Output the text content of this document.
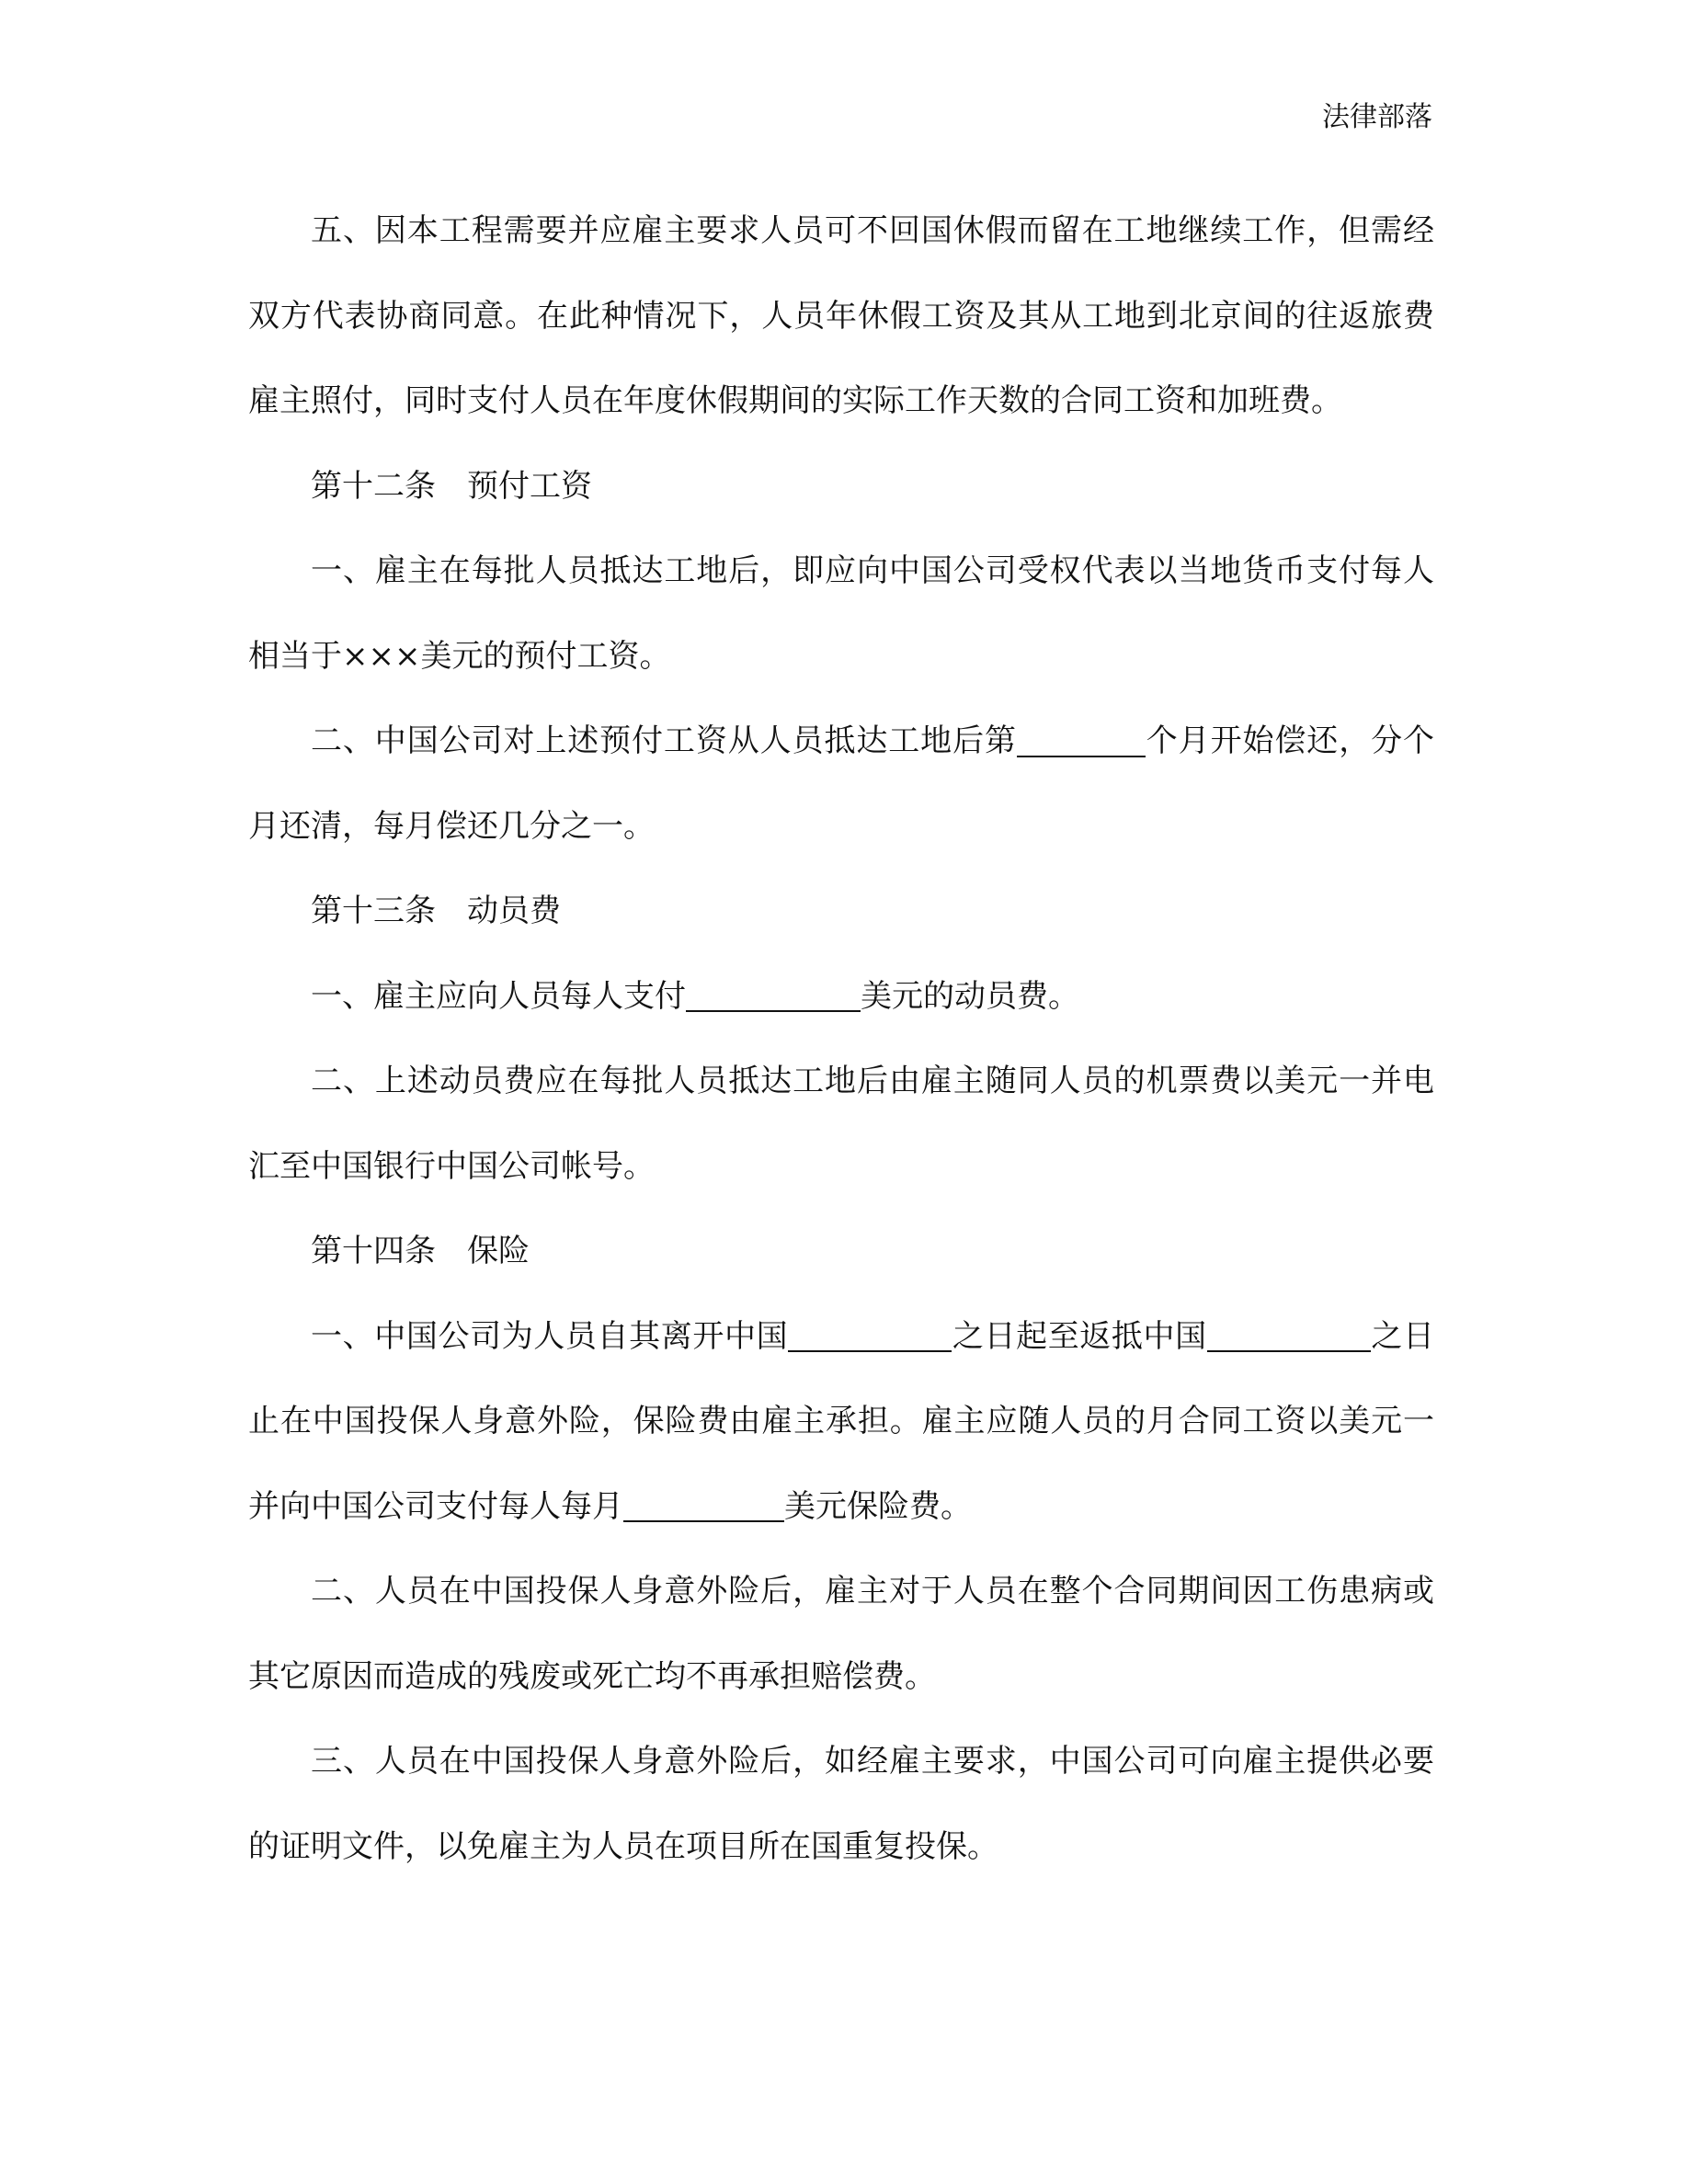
法律部落

五、因本工程需要并应雇主要求人员可不回国休假而留在工地继续工作，但需经双方代表协商同意。在此种情况下，人员年休假工资及其从工地到北京间的往返旅费雇主照付，同时支付人员在年度休假期间的实际工作天数的合同工资和加班费。

第十二条　预付工资

一、雇主在每批人员抵达工地后，即应向中国公司受权代表以当地货币支付每人相当于×××美元的预付工资。

二、中国公司对上述预付工资从人员抵达工地后第	个月开始偿还，分个月还清，每月偿还几分之一。

第十三条　动员费

一、雇主应向人员每人支付	美元的动员费。

二、上述动员费应在每批人员抵达工地后由雇主随同人员的机票费以美元一并电汇至中国银行中国公司帐号。

第十四条　保险

一、中国公司为人员自其离开中国	之日起至返抵中国	之日止在中国投保人身意外险，保险费由雇主承担。雇主应随人员的月合同工资以美元一并向中国公司支付每人每月	美元保险费。

二、人员在中国投保人身意外险后，雇主对于人员在整个合同期间因工伤患病或其它原因而造成的残废或死亡均不再承担赔偿费。

三、人员在中国投保人身意外险后，如经雇主要求，中国公司可向雇主提供必要的证明文件，以免雇主为人员在项目所在国重复投保。
